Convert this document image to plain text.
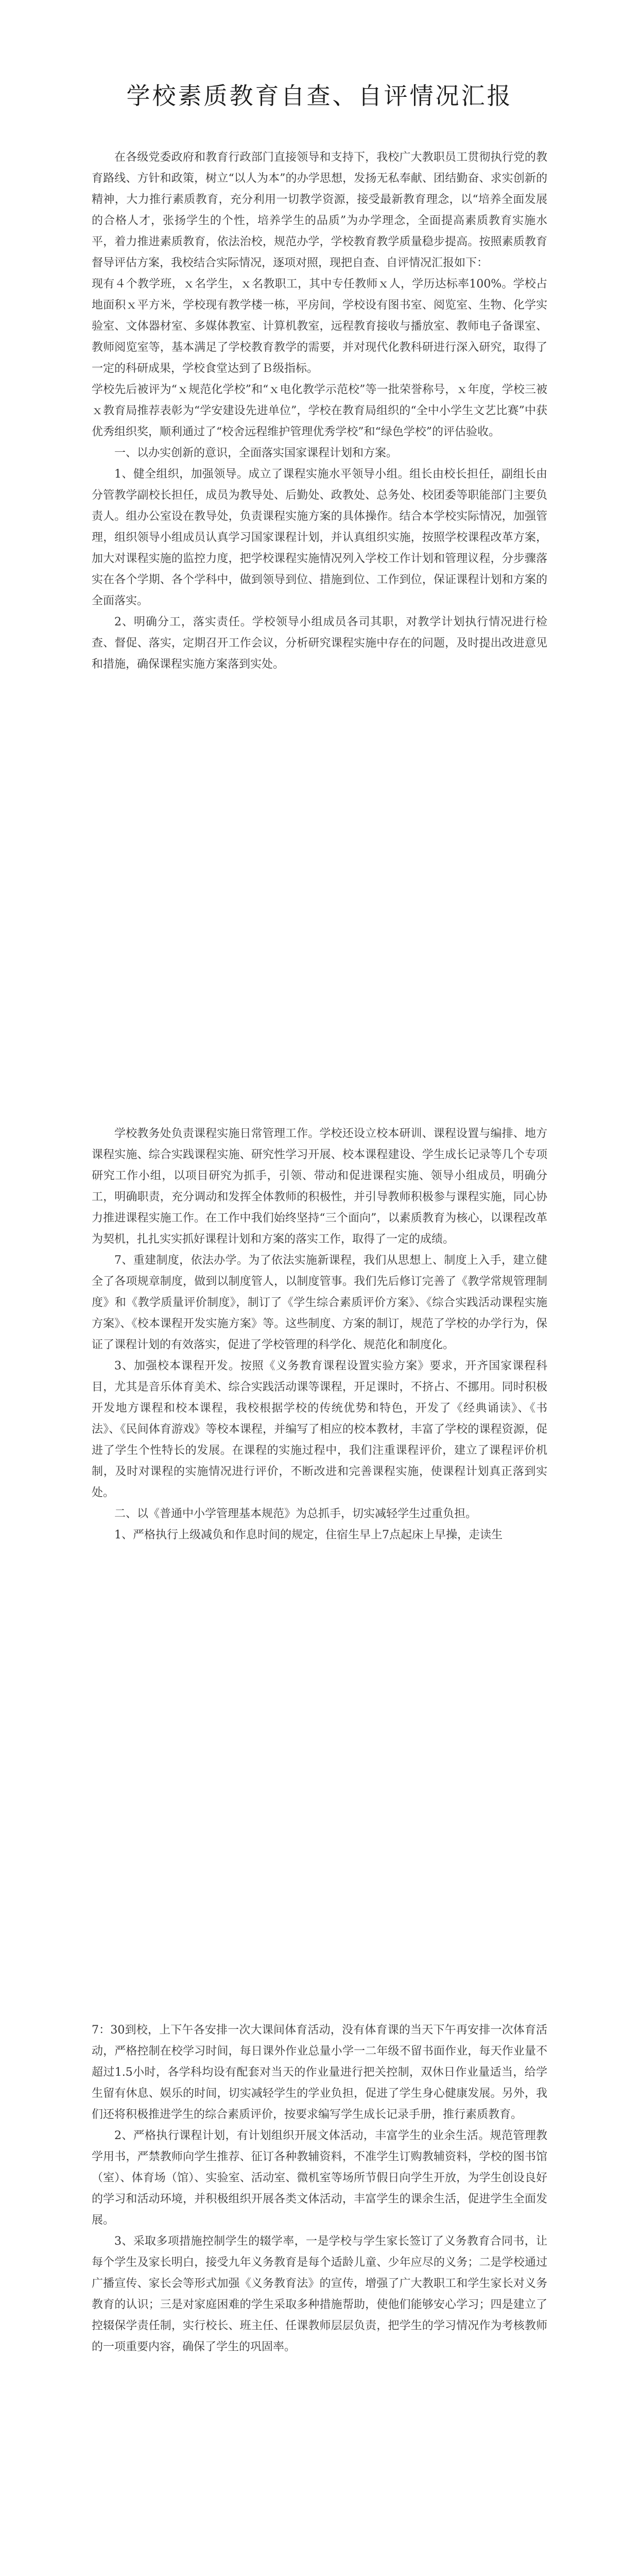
学校素质教育自查、自评情况汇报

在各级党委政府和教育行政部门直接领导和支持下，我校广大教职员工贯彻执行党的教育路线、方针和政策，树立“以人为本”的办学思想，发扬无私奉献、团结勤奋、求实创新的精神，大力推行素质教育，充分利用一切教学资源，接受最新教育理念，以“培养全面发展的合格人才，张扬学生的个性，培养学生的品质”为办学理念，全面提高素质教育实施水平，着力推进素质教育，依法治校，规范办学，学校教育教学质量稳步提高。按照素质教育督导评估方案，我校结合实际情况，逐项对照，现把自查、自评情况汇报如下：

现有４个教学班，ｘ名学生，ｘ名教职工，其中专任教师ｘ人，学历达标率100%。学校占地面积ｘ平方米，学校现有教学楼一栋，平房间，学校设有图书室、阅览室、生物、化学实验室、文体器材室、多媒体教室、计算机教室，远程教育接收与播放室、教师电子备课室、教师阅览室等，基本满足了学校教育教学的需要，并对现代化教科研进行深入研究，取得了一定的科研成果，学校食堂达到了Ｂ级指标。

学校先后被评为“ｘ规范化学校”和“ｘ电化教学示范校”等一批荣誉称号，ｘ年度，学校三被ｘ教育局推荐表彰为“学安建设先进单位”，学校在教育局组织的“全中小学生文艺比赛”中获优秀组织奖，顺利通过了“校舍远程维护管理优秀学校”和“绿色学校”的评估验收。

一、以办实创新的意识，全面落实国家课程计划和方案。

1、健全组织，加强领导。成立了课程实施水平领导小组。组长由校长担任，副组长由分管教学副校长担任，成员为教导处、后勤处、政教处、总务处、校团委等职能部门主要负责人。组办公室设在教导处，负责课程实施方案的具体操作。结合本学校实际情况，加强管理，组织领导小组成员认真学习国家课程计划，并认真组织实施，按照学校课程改革方案，加大对课程实施的监控力度，把学校课程实施情况列入学校工作计划和管理议程，分步骤落实在各个学期、各个学科中，做到领导到位、措施到位、工作到位，保证课程计划和方案的全面落实。

2、明确分工，落实责任。学校领导小组成员各司其职，对教学计划执行情况进行检查、督促、落实，定期召开工作会议，分析研究课程实施中存在的问题，及时提出改进意见和措施，确保课程实施方案落到实处。

学校教务处负责课程实施日常管理工作。学校还设立校本研训、课程设置与编排、地方课程实施、综合实践课程实施、研究性学习开展、校本课程建设、学生成长记录等几个专项研究工作小组，以项目研究为抓手，引领、带动和促进课程实施、领导小组成员，明确分工，明确职责，充分调动和发挥全体教师的积极性，并引导教师积极参与课程实施，同心协力推进课程实施工作。在工作中我们始终坚持“三个面向”，以素质教育为核心，以课程改革为契机，扎扎实实抓好课程计划和方案的落实工作，取得了一定的成绩。

7、重建制度，依法办学。为了依法实施新课程，我们从思想上、制度上入手，建立健全了各项规章制度，做到以制度管人，以制度管事。我们先后修订完善了《教学常规管理制度》和《教学质量评价制度》，制订了《学生综合素质评价方案》、《综合实践活动课程实施方案》、《校本课程开发实施方案》等。这些制度、方案的制订，规范了学校的办学行为，保证了课程计划的有效落实，促进了学校管理的科学化、规范化和制度化。

3、加强校本课程开发。按照《义务教育课程设置实验方案》要求，开齐国家课程科目，尤其是音乐体育美术、综合实践活动课等课程，开足课时，不挤占、不挪用。同时积极开发地方课程和校本课程，我校根据学校的传统优势和特色，开发了《经典诵读》、《书法》、《民间体育游戏》等校本课程，并编写了相应的校本教材，丰富了学校的课程资源，促进了学生个性特长的发展。在课程的实施过程中，我们注重课程评价，建立了课程评价机制，及时对课程的实施情况进行评价，不断改进和完善课程实施，使课程计划真正落到实处。

二、以《普通中小学管理基本规范》为总抓手，切实减轻学生过重负担。

1、严格执行上级减负和作息时间的规定，住宿生早上7点起床上早操，走读生

7：30到校，上下午各安排一次大课间体育活动，没有体育课的当天下午再安排一次体育活动，严格控制在校学习时间，每日课外作业总量小学一二年级不留书面作业，每天作业量不超过1.5小时，各学科均设有配套对当天的作业量进行把关控制，双休日作业量适当，给学生留有休息、娱乐的时间，切实减轻学生的学业负担，促进了学生身心健康发展。另外，我们还将积极推进学生的综合素质评价，按要求编写学生成长记录手册，推行素质教育。

2、严格执行课程计划，有计划组织开展文体活动，丰富学生的业余生活。规范管理教学用书，严禁教师向学生推荐、征订各种教辅资料，不准学生订购教辅资料，学校的图书馆（室）、体育场（馆）、实验室、活动室、微机室等场所节假日向学生开放，为学生创设良好的学习和活动环境，并积极组织开展各类文体活动，丰富学生的课余生活，促进学生全面发展。

3、采取多项措施控制学生的辍学率，一是学校与学生家长签订了义务教育合同书，让每个学生及家长明白，接受九年义务教育是每个适龄儿童、少年应尽的义务；二是学校通过广播宣传、家长会等形式加强《义务教育法》的宣传，增强了广大教职工和学生家长对义务教育的认识；三是对家庭困难的学生采取多种措施帮助，使他们能够安心学习；四是建立了控辍保学责任制，实行校长、班主任、任课教师层层负责，把学生的学习情况作为考核教师的一项重要内容，确保了学生的巩固率。
